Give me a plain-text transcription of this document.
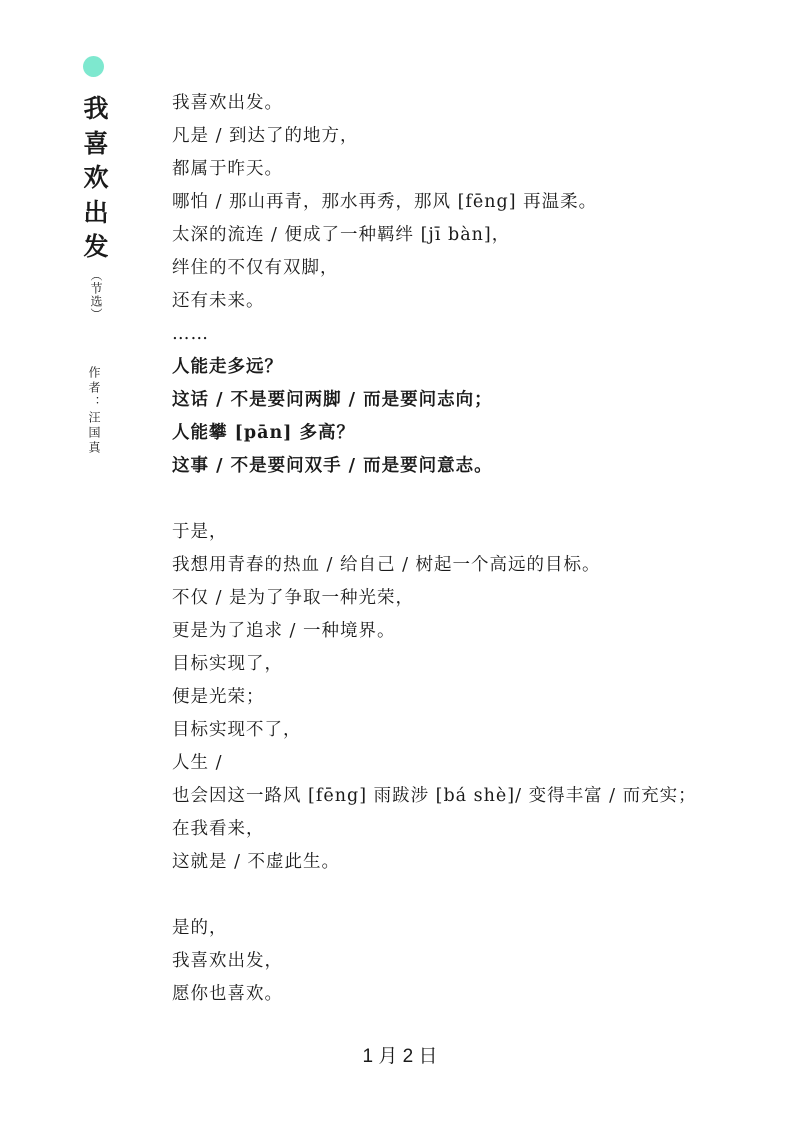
我
喜
欢
出
发
（节选）
作者：汪国真
我喜欢出发。
凡是 / 到达了的地方，
都属于昨天。
哪怕 / 那山再青，那水再秀，那风 [fēng] 再温柔。
太深的流连 / 便成了一种羁绊 [jī bàn]，
绊住的不仅有双脚，
还有未来。
……
人能走多远？
这话 / 不是要问两脚 / 而是要问志向；
人能攀 [pān] 多高？
这事 / 不是要问双手 / 而是要问意志。
于是，
我想用青春的热血 / 给自己 / 树起一个高远的目标。
不仅 / 是为了争取一种光荣，
更是为了追求 / 一种境界。
目标实现了，
便是光荣；
目标实现不了，
人生 /
也会因这一路风 [fēng] 雨跋涉 [bá shè]/ 变得丰富 / 而充实；
在我看来，
这就是 / 不虚此生。
是的，
我喜欢出发，
愿你也喜欢。
1 月 2 日
